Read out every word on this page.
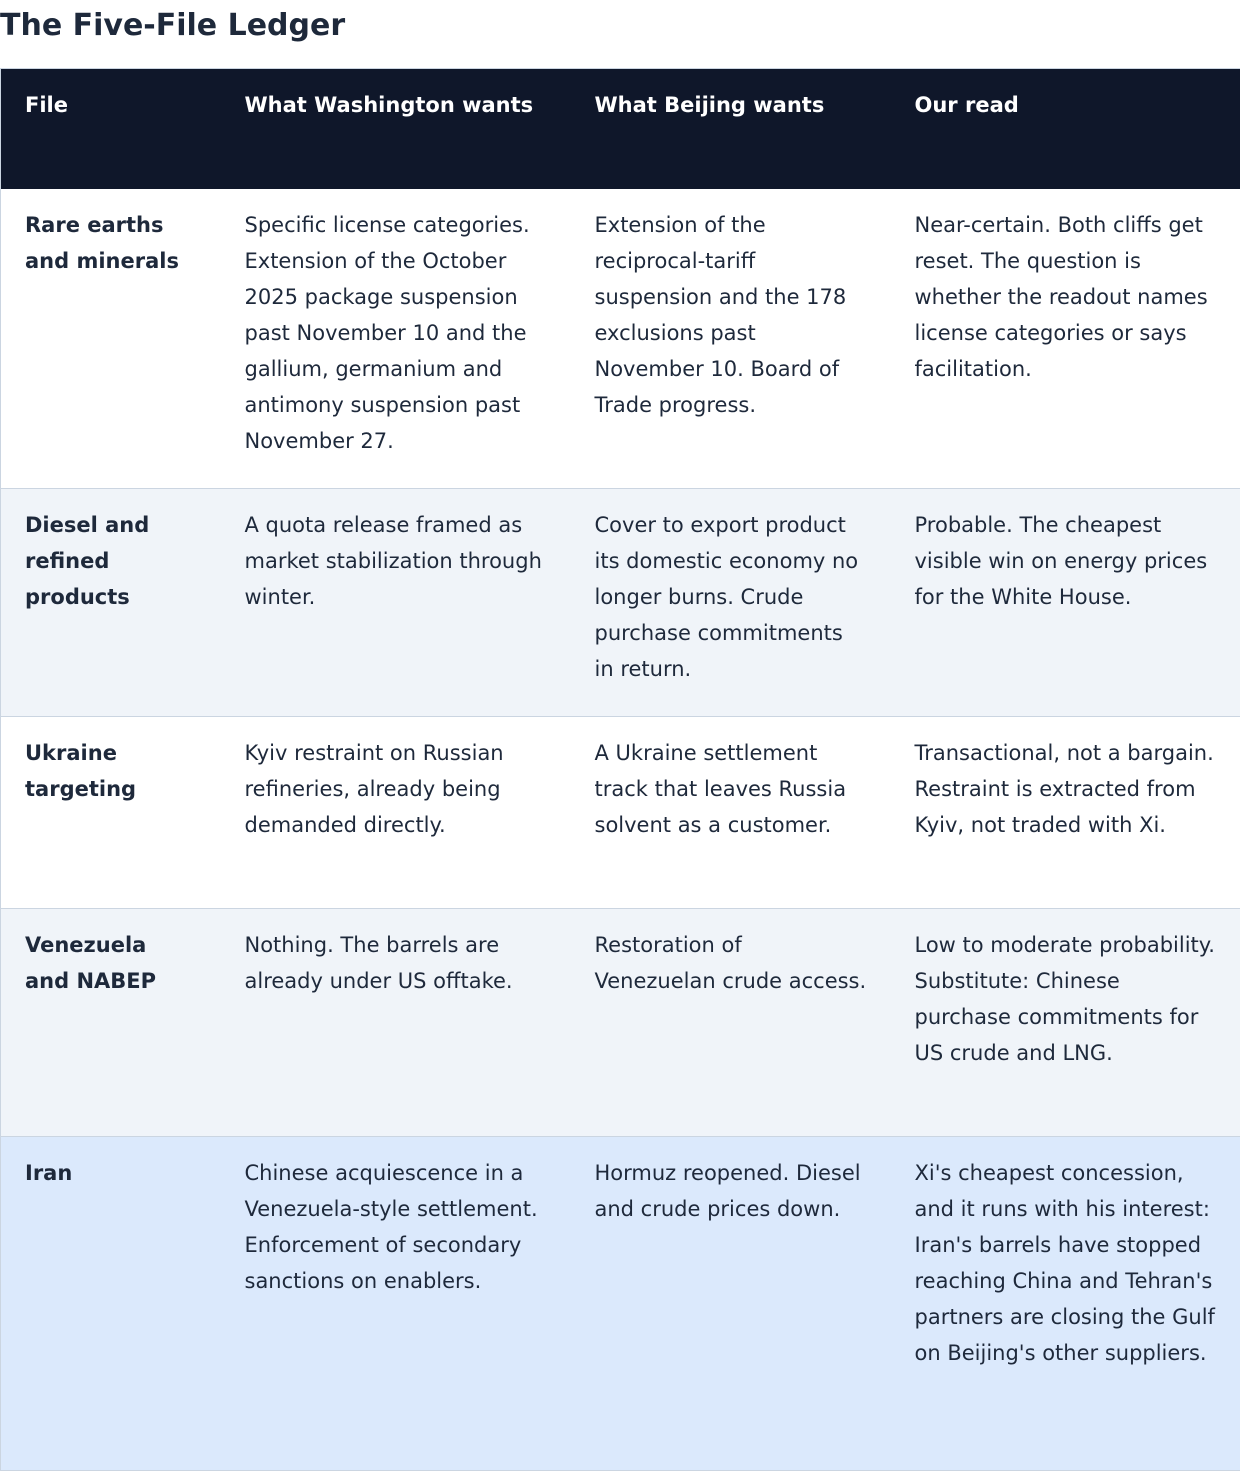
The Five-File Ledger
File	What Washington wants	What Beijing wants	Our read
Rare earths and minerals	Specific license categories. Extension of the October 2025 package suspension past November 10 and the gallium, germanium and antimony suspension past November 27.	Extension of the reciprocal-tariff suspension and the 178 exclusions past November 10. Board of Trade progress.	Near-certain. Both cliffs get reset. The question is whether the readout names license categories or says facilitation.
Diesel and refined products	A quota release framed as market stabilization through winter.	Cover to export product its domestic economy no longer burns. Crude purchase commitments in return.	Probable. The cheapest visible win on energy prices for the White House.
Ukraine targeting	Kyiv restraint on Russian refineries, already being demanded directly.	A Ukraine settlement track that leaves Russia solvent as a customer.	Transactional, not a bargain. Restraint is extracted from Kyiv, not traded with Xi.
Venezuela and NABEP	Nothing. The barrels are already under US offtake.	Restoration of Venezuelan crude access.	Low to moderate probability. Substitute: Chinese purchase commitments for US crude and LNG.
Iran	Chinese acquiescence in a Venezuela-style settlement. Enforcement of secondary sanctions on enablers.	Hormuz reopened. Diesel and crude prices down.	Xi's cheapest concession, and it runs with his interest: Iran's barrels have stopped reaching China and Tehran's partners are closing the Gulf on Beijing's other suppliers.
